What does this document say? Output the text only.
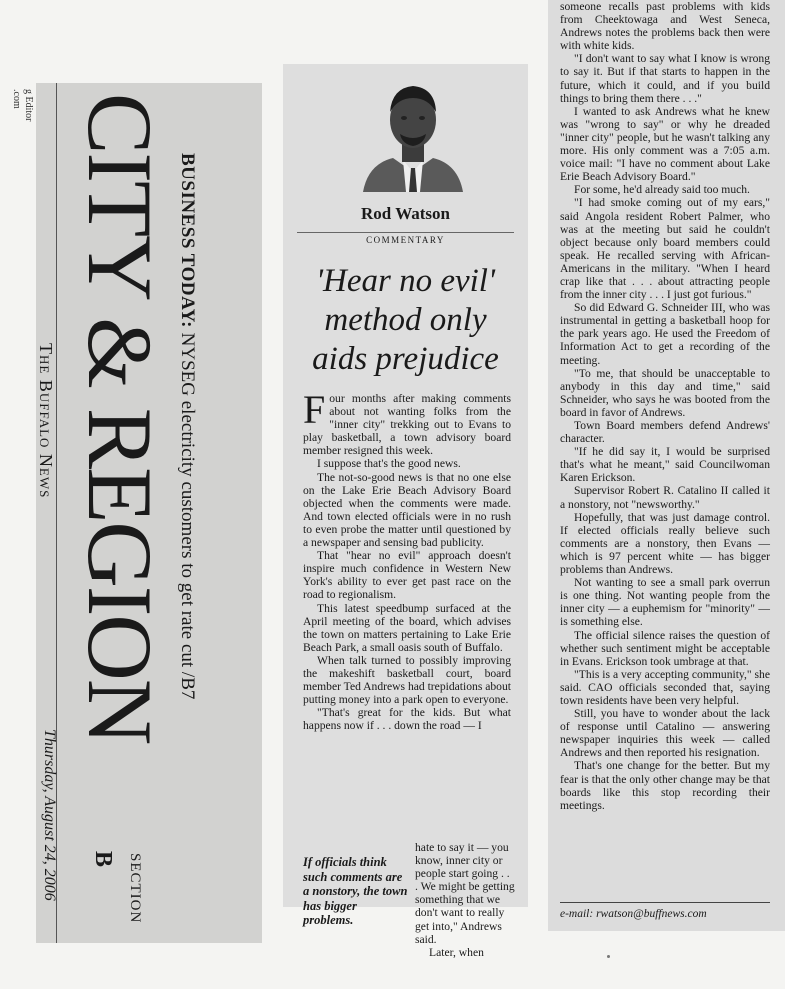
g Editor
.com
The Buffalo News CITY & REGION BUSINESS TODAY: NYSEG electricity customers to get rate cut /B7
Thursday, August 24, 2006	SECTION
B
Rod Watson
COMMENTARY
'Hear no evil' method only aids prejudice

Four months after making comments about not wanting folks from the "inner city" trekking out to Evans to play basketball, a town advisory board member resigned this week.

I suppose that's the good news.

The not-so-good news is that no one else on the Lake Erie Beach Advisory Board objected when the comments were made. And town elected officials were in no rush to even probe the matter until questioned by a newspaper and sensing bad publicity.

That "hear no evil" approach doesn't inspire much confidence in Western New York's ability to ever get past race on the road to regionalism.

This latest speedbump surfaced at the April meeting of the board, which advises the town on matters pertaining to Lake Erie Beach Park, a small oasis south of Buffalo.

When talk turned to possibly improving the makeshift basketball court, board member Ted Andrews had trepidations about putting money into a park open to everyone.

"That's great for the kids. But what happens now if . . . down the road — I

If officials think such comments are a nonstory, the town has bigger problems.

hate to say it — you know, inner city or people start going . . . We might be getting something that we don't want to really get into," Andrews said.

Later, when

someone recalls past problems with kids from Cheektowaga and West Seneca, Andrews notes the problems back then were with white kids.

"I don't want to say what I know is wrong to say it. But if that starts to happen in the future, which it could, and if you build things to bring them there . . ."

I wanted to ask Andrews what he knew was "wrong to say" or why he dreaded "inner city" people, but he wasn't talking any more. His only comment was a 7:05 a.m. voice mail: "I have no comment about Lake Erie Beach Advisory Board."

For some, he'd already said too much.

"I had smoke coming out of my ears," said Angola resident Robert Palmer, who was at the meeting but said he couldn't object because only board members could speak. He recalled serving with African-Americans in the military. "When I heard crap like that . . . about attracting people from the inner city . . . I just got furious."

So did Edward G. Schneider III, who was instrumental in getting a basketball hoop for the park years ago. He used the Freedom of Information Act to get a recording of the meeting.

"To me, that should be unacceptable to anybody in this day and time," said Schneider, who says he was booted from the board in favor of Andrews.

Town Board members defend Andrews' character.

"If he did say it, I would be surprised that's what he meant," said Councilwoman Karen Erickson.

Supervisor Robert R. Catalino II called it a nonstory, not "newsworthy."

Hopefully, that was just damage control. If elected officials really believe such comments are a nonstory, then Evans — which is 97 percent white — has bigger problems than Andrews.

Not wanting to see a small park overrun is one thing. Not wanting people from the inner city — a euphemism for "minority" — is something else.

The official silence raises the question of whether such sentiment might be acceptable in Evans. Erickson took umbrage at that.

"This is a very accepting community," she said. CAO officials seconded that, saying town residents have been very helpful.

Still, you have to wonder about the lack of response until Catalino — answering newspaper inquiries this week — called Andrews and then reported his resignation.

That's one change for the better. But my fear is that the only other change may be that boards like this stop recording their meetings.

e-mail: rwatson@buffnews.com
